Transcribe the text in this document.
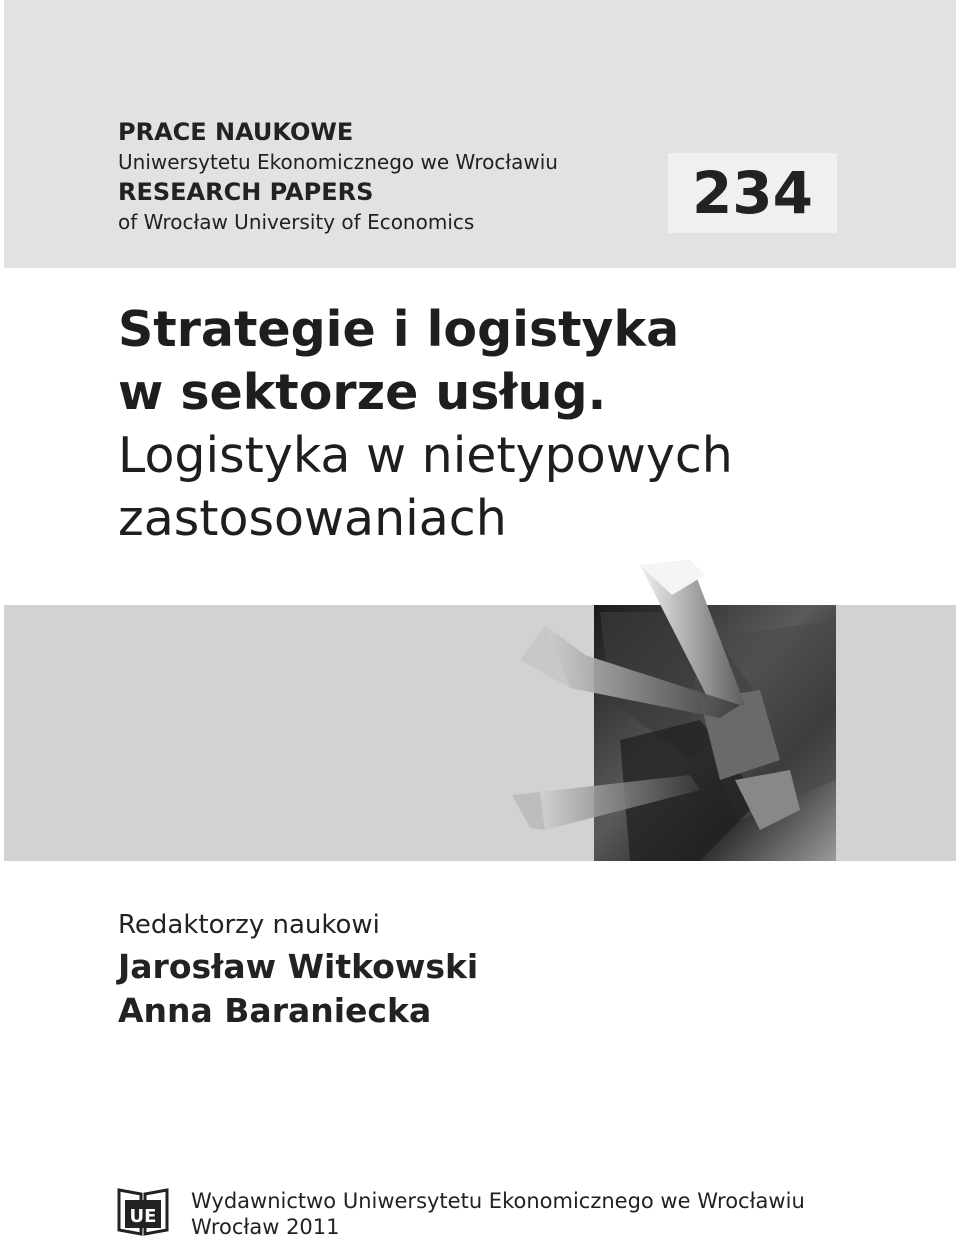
PRACE NAUKOWE

Uniwersytetu Ekonomicznego we Wrocławiu

RESEARCH PAPERS

of Wrocław University of Economics	234

Strategie i logistyka

w sektorze usług.

Logistyka w nietypowych

zastosowaniach

Redaktorzy naukowi

Jarosław Witkowski

Anna Baraniecka

UE

Wydawnictwo Uniwersytetu Ekonomicznego we Wrocławiu

Wrocław 2011
